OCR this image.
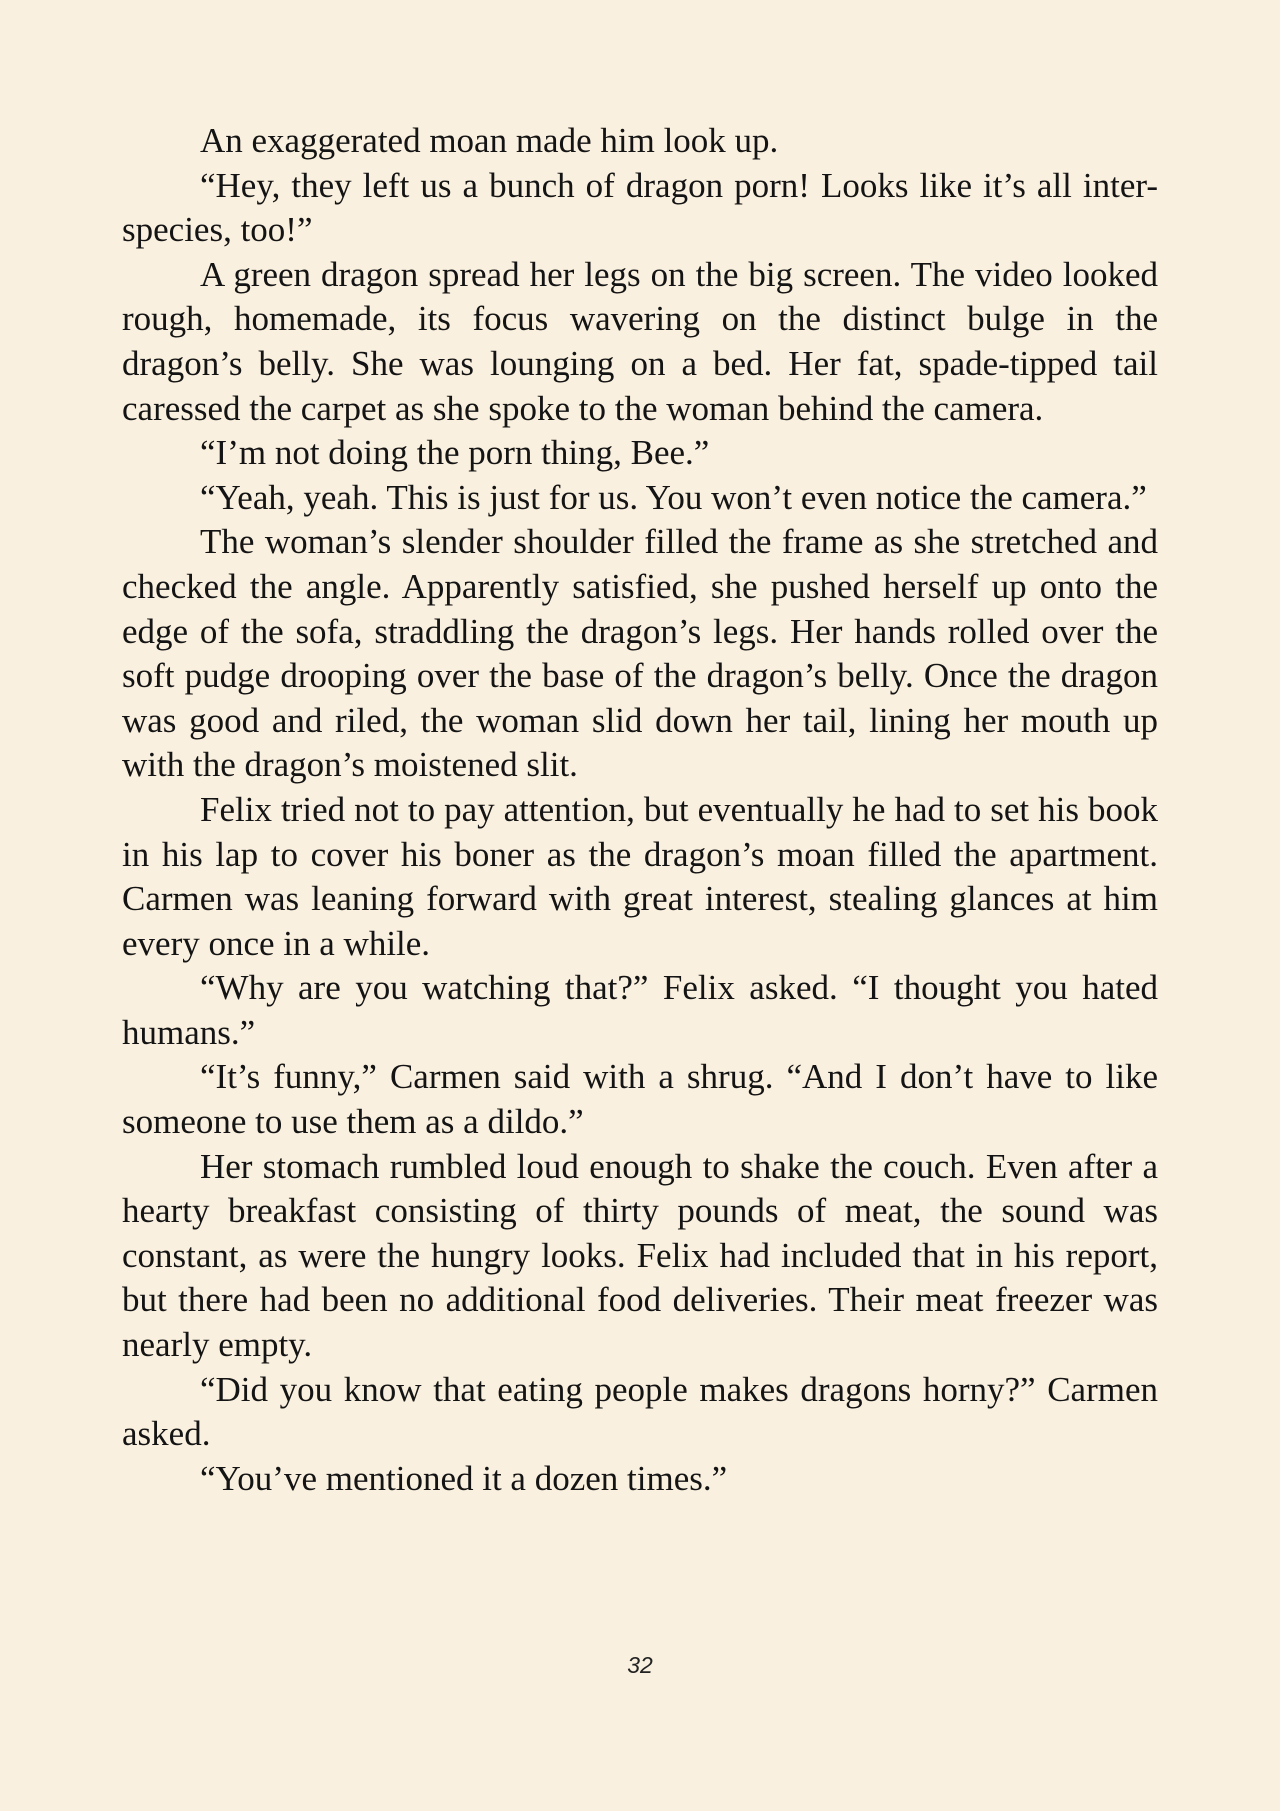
An exaggerated moan made him look up.

“Hey, they left us a bunch of dragon porn! Looks like it’s all inter-species, too!”

A green dragon spread her legs on the big screen. The video looked rough, homemade, its focus wavering on the distinct bulge in the dragon’s belly. She was lounging on a bed. Her fat, spade-tipped tail caressed the carpet as she spoke to the woman behind the camera.

“I’m not doing the porn thing, Bee.”

“Yeah, yeah. This is just for us. You won’t even notice the camera.”

The woman’s slender shoulder filled the frame as she stretched and checked the angle. Apparently satisfied, she pushed herself up onto the edge of the sofa, straddling the dragon’s legs. Her hands rolled over the soft pudge drooping over the base of the dragon’s belly. Once the dragon was good and riled, the woman slid down her tail, lining her mouth up with the dragon’s moistened slit.

Felix tried not to pay attention, but eventually he had to set his book in his lap to cover his boner as the dragon’s moan filled the apartment. Carmen was leaning forward with great interest, stealing glances at him every once in a while.

“Why are you watching that?” Felix asked. “I thought you hated humans.”

“It’s funny,” Carmen said with a shrug. “And I don’t have to like someone to use them as a dildo.”

Her stomach rumbled loud enough to shake the couch. Even after a hearty breakfast consisting of thirty pounds of meat, the sound was constant, as were the hungry looks. Felix had included that in his report, but there had been no additional food deliveries. Their meat freezer was nearly empty.

“Did you know that eating people makes dragons horny?” Carmen asked.

“You’ve mentioned it a dozen times.”

32
